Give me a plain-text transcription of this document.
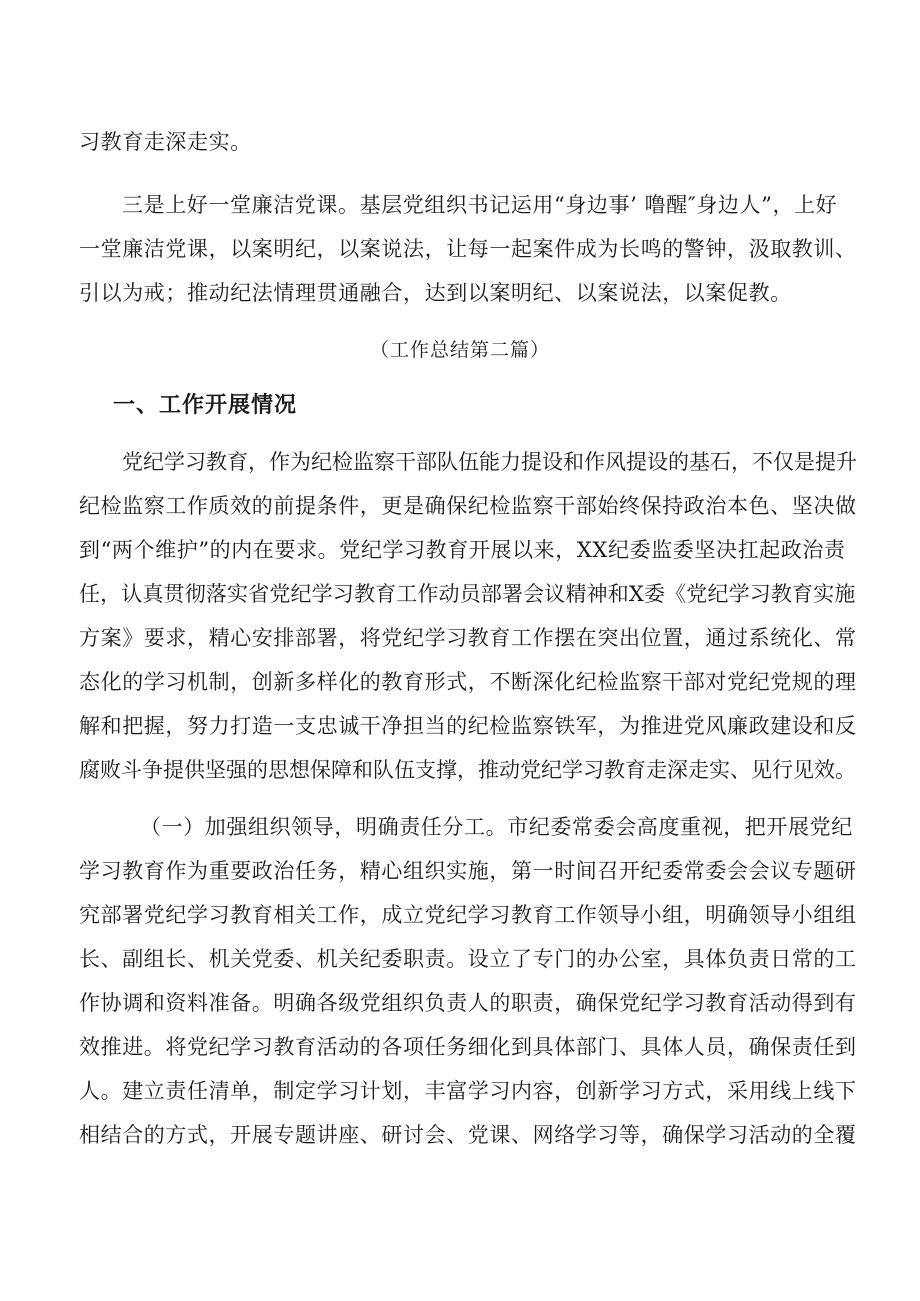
习教育走深走实。
三是上好一堂廉洁党课。基层党组织书记运用“身边事’ 噜醒″身边人”，上好
一堂廉洁党课，以案明纪，以案说法，让每一起案件成为长鸣的警钟，汲取教训、
引以为戒；推动纪法情理贯通融合，达到以案明纪、以案说法，以案促教。
（工作总结第二篇）
一、工作开展情况
党纪学习教育，作为纪检监察干部队伍能力提设和作风提设的基石，不仅是提升
纪检监察工作质效的前提条件，更是确保纪检监察干部始终保持政治本色、坚决做
到“两个维护”的内在要求。党纪学习教育开展以来，XX纪委监委坚决扛起政治责
任，认真贯彻落实省党纪学习教育工作动员部署会议精神和X委《党纪学习教育实施
方案》要求，精心安排部署，将党纪学习教育工作摆在突出位置，通过系统化、常
态化的学习机制，创新多样化的教育形式，不断深化纪检监察干部对党纪党规的理
解和把握，努力打造一支忠诚干净担当的纪检监察铁军，为推进党风廉政建设和反
腐败斗争提供坚强的思想保障和队伍支撑，推动党纪学习教育走深走实、见行见效。
（一）加强组织领导，明确责任分工。市纪委常委会高度重视，把开展党纪
学习教育作为重要政治任务，精心组织实施，第一时间召开纪委常委会会议专题研
究部署党纪学习教育相关工作，成立党纪学习教育工作领导小组，明确领导小组组
长、副组长、机关党委、机关纪委职责。设立了专门的办公室，具体负责日常的工
作协调和资料准备。明确各级党组织负责人的职责，确保党纪学习教育活动得到有
效推进。将党纪学习教育活动的各项任务细化到具体部门、具体人员，确保责任到
人。建立责任清单，制定学习计划，丰富学习内容，创新学习方式，采用线上线下
相结合的方式，开展专题讲座、研讨会、党课、网络学习等，确保学习活动的全覆
